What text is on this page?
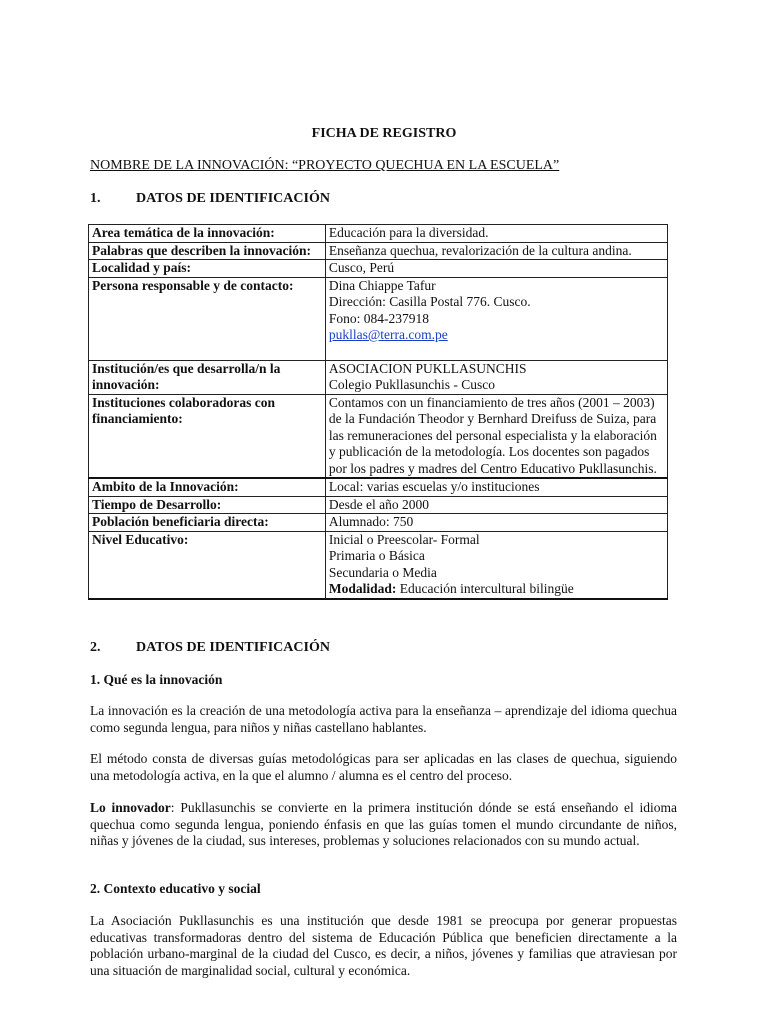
FICHA DE REGISTRO
NOMBRE DE LA INNOVACIÓN: “PROYECTO QUECHUA EN LA ESCUELA”
1.	DATOS DE IDENTIFICACIÓN
Area temática de la innovación:	Educación para la diversidad.
Palabras que describen la innovación:	Enseñanza quechua, revalorización de la cultura andina.
Localidad y país:	Cusco, Perú
Persona responsable y de contacto:	Dina Chiappe Tafur
Dirección: Casilla Postal 776. Cusco.
Fono: 084-237918
puklla​s@terra.com.pe

Institución/es que desarrolla/n la innovación:	ASOCIACION PUKLLASUNCHIS
Colegio Pukllasunchis - Cusco

Instituciones colaboradoras con financiamiento:	Contamos con un financiamiento de tres años (2001 – 2003) de la Fundación Theodor y Bernhard Dreifuss de Suiza, para las remuneraciones del personal especialista y la elaboración y publicación de la metodología. Los docentes son pagados por los padres y madres del Centro Educativo Pukllasunchis.
Ambito de la Innovación:	Local: varias escuelas y/o instituciones
Tiempo de Desarrollo:	Desde el año 2000
Población beneficiaria directa:	Alumnado: 750
Nivel Educativo:	Inicial o Preescolar- Formal
Primaria o Básica
Secundaria o Media
Modalidad: Educación intercultural bilingüe
2.	DATOS DE IDENTIFICACIÓN
1. Qué es la innovación
La innovación es la creación de una metodología activa para la enseñanza – aprendizaje del idioma quechua como segunda lengua, para niños y niñas castellano hablantes.
El método consta de diversas guías metodológicas para ser aplicadas en las clases de quechua, siguiendo una metodología activa, en la que el alumno / alumna es el centro del proceso.
Lo innovador: Pukllasunchis se convierte en la primera institución dónde se está enseñando el idioma quechua como segunda lengua, poniendo énfasis en que las guías tomen el mundo circundante de niños, niñas y jóvenes de la ciudad, sus intereses, problemas y soluciones relacionados con su mundo actual.
2. Contexto educativo y social
La Asociación Pukllasunchis es una institución que desde 1981 se preocupa por generar propuestas educativas transformadoras dentro del sistema de Educación Pública que beneficien directamente a la población urbano-marginal de la ciudad del Cusco, es decir, a niños, jóvenes y familias que atraviesan por una situación de marginalidad social, cultural y económica.
